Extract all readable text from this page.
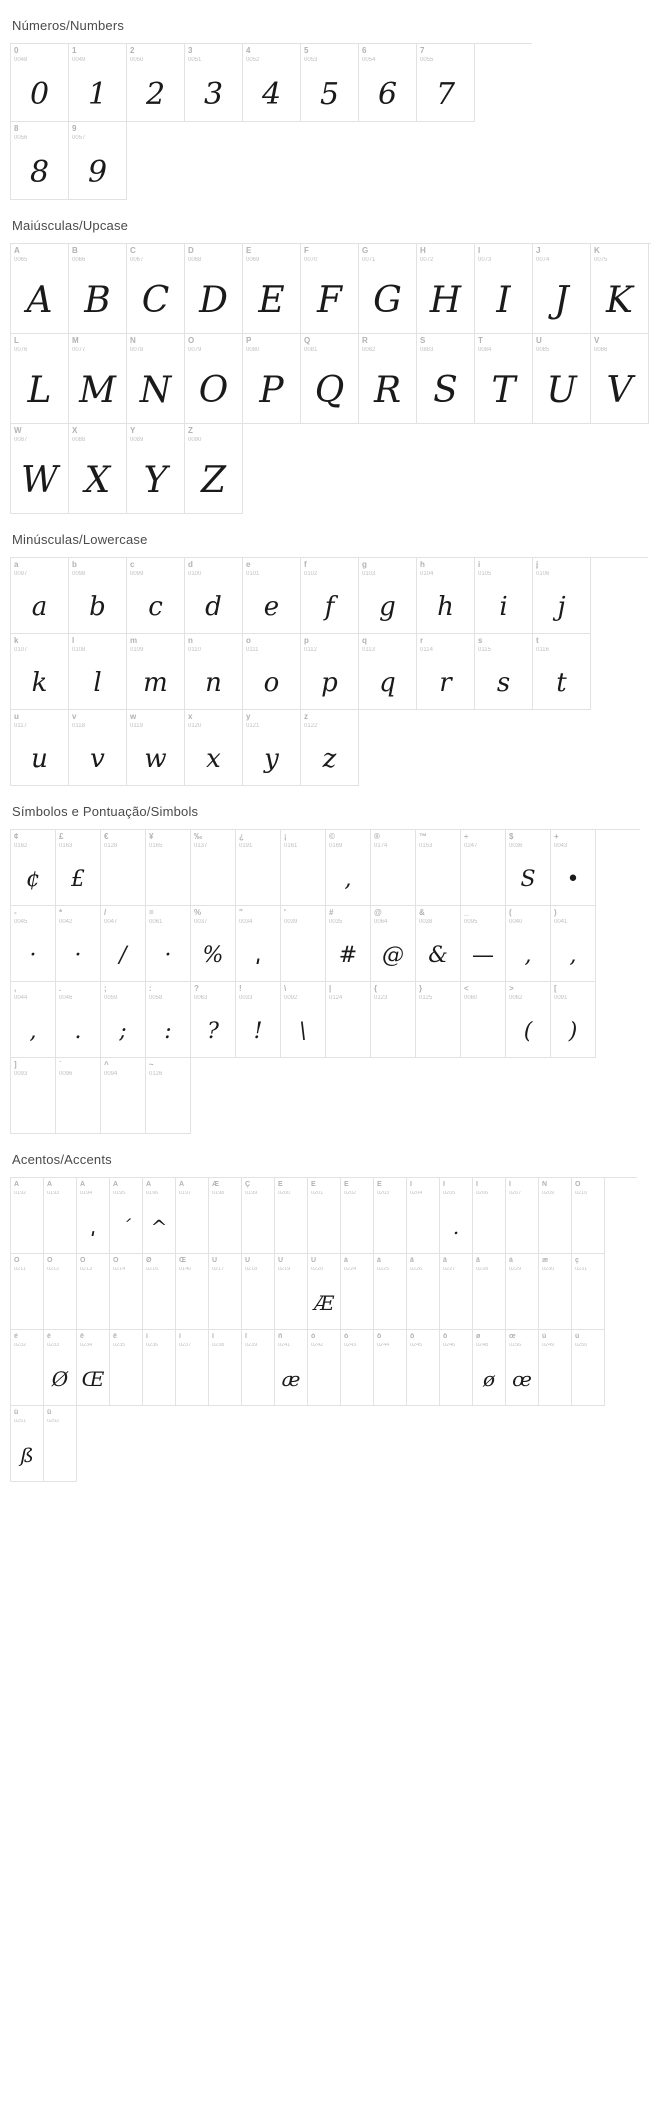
Números/Numbers
0
0048
0
1
0049
1
2
0050
2
3
0051
3
4
0052
4
5
0053
5
6
0054
6
7
0055
7
8
0056
8
9
0057
9
Maiúsculas/Upcase
A
0065
A
B
0066
B
C
0067
C
D
0068
D
E
0069
E
F
0070
F
G
0071
G
H
0072
H
I
0073
I
J
0074
J
K
0075
K
L
0076
L
M
0077
M
N
0078
N
O
0079
O
P
0080
P
Q
0081
Q
R
0082
R
S
0883
S
T
0084
T
U
0085
U
V
0086
V
W
0087
W
X
0088
X
Y
0089
Y
Z
0090
Z
Minúsculas/Lowercase
a
0097
a
b
0098
b
c
0099
c
d
0100
d
e
0101
e
f
0102
f
g
0103
g
h
0104
h
i
0105
i
j
0106
j
k
0107
k
l
0108
l
m
0109
m
n
0110
n
o
0111
o
p
0112
p
q
0113
q
r
0114
r
s
0115
s
t
0116
t
u
0117
u
v
0118
v
w
0119
w
x
0120
x
y
0121
y
z
0122
z
Símbolos e Pontuação/Simbols
¢
0162
¢
£
0163
£
€
0128
¥
0165
‰
0137
¿
0191
¡
0161
©
0169
,
®
0174
™
0153
÷
0247
$
0036
S
+
0043
•
-
0045
·
*
0042
·
/
0047
/
=
0061
·
%
0037
%
"
0034
ˌ
'
0039
#
0035
#
@
0064
@
&
0038
&
_
0095
—
(
0040
,
)
0041
,
,
0044
,
.
0046
.
;
0059
;
:
0058
:
?
0063
?
!
0033
!
\
0092
\
|
0124
{
0123
}
0125
<
0060
>
0062
(
[
0091
)
]
0093
`
0096
^
0094
~
0126
Acentos/Accents
À
0192
Á
0193
Â
0194
ˌ
Ã
0195
´
Ä
0196
^
Å
0197
Æ
0198
Ç
0199
È
0200
É
0201
Ê
0202
Ë
0203
Ì
0204
Í
0205
.
Î
0206
Ï
0207
Ñ
0209
Ò
0210
Ó
0211
Ô
0212
Õ
0213
Ö
0214
Ø
0216
Œ
0140
Ù
0217
Ú
0218
Û
0219
Ü
0220
Æ
à
0224
á
0225
â
0226
ã
0227
ä
0228
å
0229
æ
0230
ç
0231
è
0232
é
0233
Ø
ê
0234
Œ
ë
0235
ì
0236
í
0237
î
0238
ï
0239
ñ
0241
æ
ò
0242
ó
0243
ô
0244
õ
0245
ö
0246
ø
0248
ø
œ
0156
œ
ù
0249
ú
0250
û
0251
ß
ü
0252
